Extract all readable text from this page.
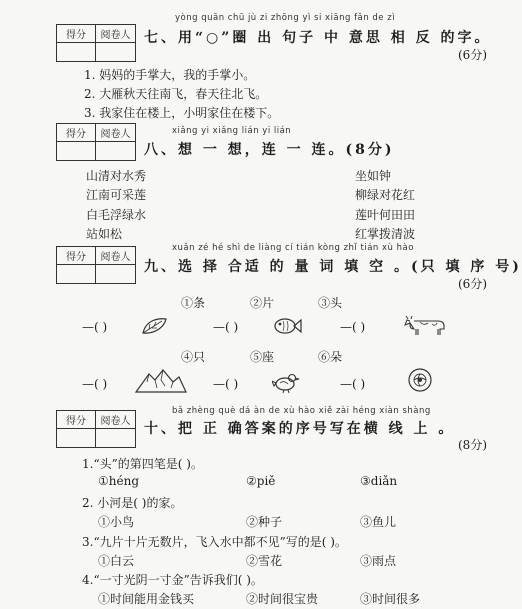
得分	阅卷人
yòng quān chū jù zi zhōng yì si xiāng fǎn de zì
七、用“○”圈 出 句子 中 意思 相 反 的字。
(6分)
1. 妈妈的手掌大，我的手掌小。
2. 大雁秋天往南飞，春天往北飞。
3. 我家住在楼上，小明家住在楼下。
得分	阅卷人	xiǎng yi xiǎng lián yi lián
八、想 一 想，连 一 连。(8分)
山清对水秀
江南可采莲
白毛浮绿水
站如松
坐如钟
柳绿对花红
莲叶何田田
红掌拨清波
得分	阅卷人
xuǎn zé hé shì de liàng cí tián kòng zhǐ tián xù hào
九、选 择 合适 的 量 词 填 空 。(只 填 序 号)
(6分)
①条	②片	③头
—( )	—( )	—( )
④只	⑤座	⑥朵
—( )	—( )	—( )
得分	阅卷人
bǎ zhèng què dá àn de xù hào xiě zài héng xiàn shàng
十、把 正 确答案的序号写在横 线 上 。
(8分)
1.“头”的第四笔是( )。
①héng	②piě	③diǎn
2. 小河是( )的家。
①小鸟	②种子	③鱼儿
3.“九片十片无数片，飞入水中都不见”写的是( )。
①白云	②雪花	③雨点
4.“一寸光阴一寸金”告诉我们( )。
①时间能用金钱买	②时间很宝贵	③时间很多
